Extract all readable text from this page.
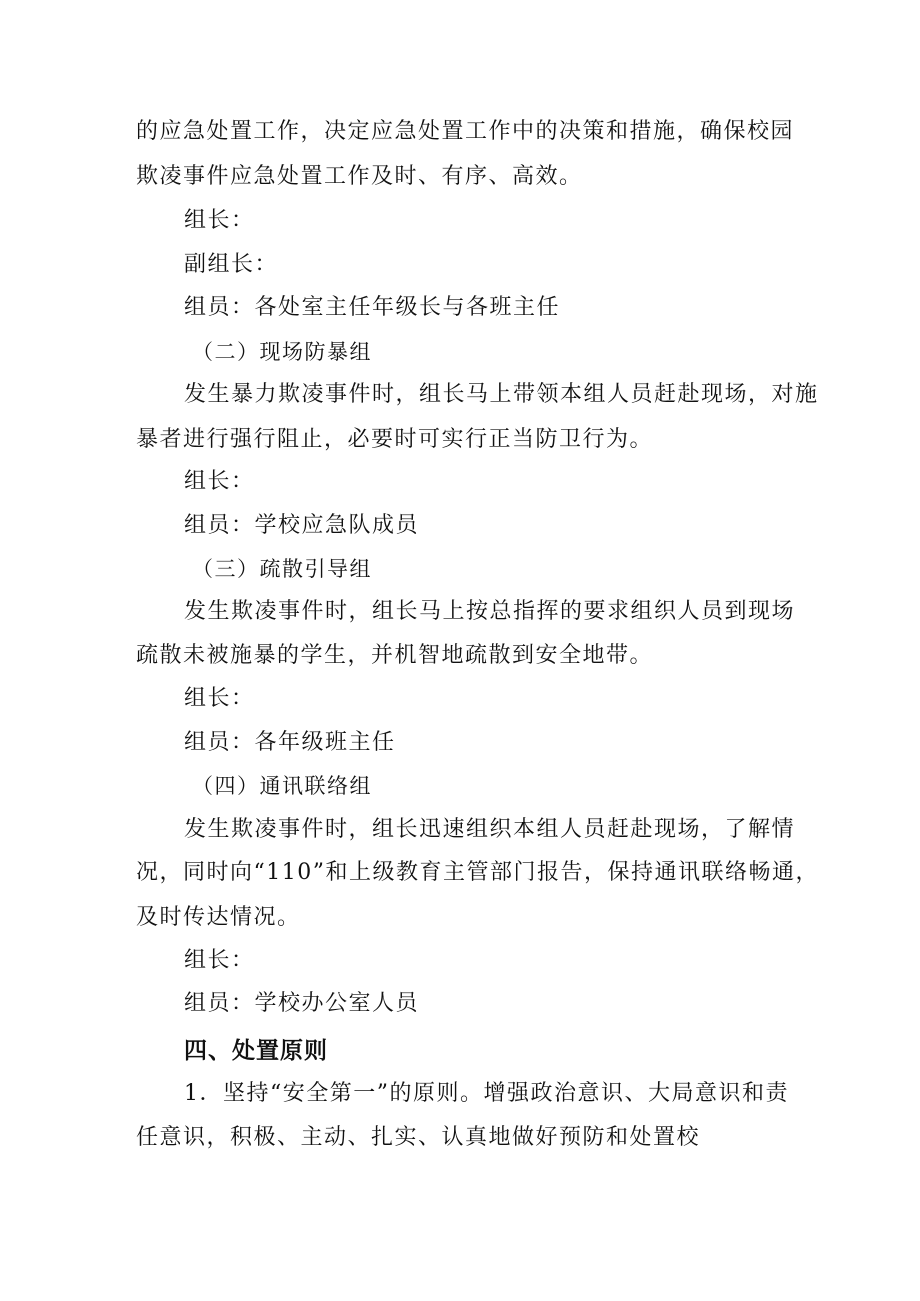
的应急处置工作，决定应急处置工作中的决策和措施，确保校园
欺凌事件应急处置工作及时、有序、高效。
组长：
副组长：
组员：各处室主任年级长与各班主任
（二）现场防暴组
发生暴力欺凌事件时，组长马上带领本组人员赶赴现场，对施
暴者进行强行阻止，必要时可实行正当防卫行为。
组长：
组员：学校应急队成员
（三）疏散引导组
发生欺凌事件时，组长马上按总指挥的要求组织人员到现场
疏散未被施暴的学生，并机智地疏散到安全地带。
组长：
组员：各年级班主任
（四）通讯联络组
发生欺凌事件时，组长迅速组织本组人员赶赴现场，了解情
况，同时向“110”和上级教育主管部门报告，保持通讯联络畅通，
及时传达情况。
组长：
组员：学校办公室人员
四、处置原则
1．坚持“安全第一”的原则。增强政治意识、大局意识和责
任意识，积极、主动、扎实、认真地做好预防和处置校
